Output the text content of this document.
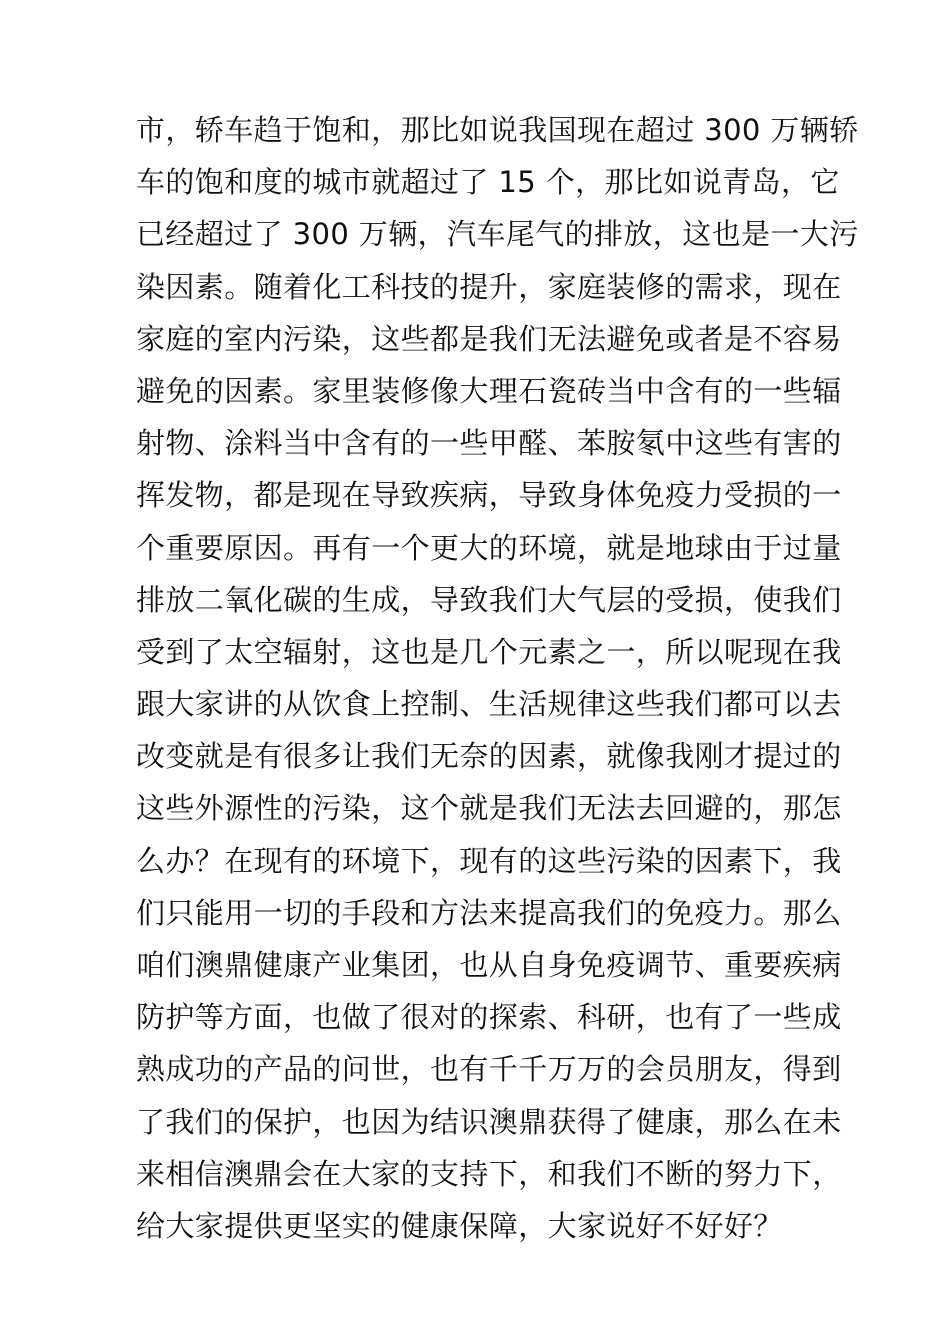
市，轿车趋于饱和，那比如说我国现在超过 300 万辆轿
车的饱和度的城市就超过了 15 个，那比如说青岛，它
已经超过了 300 万辆，汽车尾气的排放，这也是一大污
染因素。随着化工科技的提升，家庭装修的需求，现在
家庭的室内污染，这些都是我们无法避免或者是不容易
避免的因素。家里装修像大理石瓷砖当中含有的一些辐
射物、涂料当中含有的一些甲醛、苯胺氡中这些有害的
挥发物，都是现在导致疾病，导致身体免疫力受损的一
个重要原因。再有一个更大的环境，就是地球由于过量
排放二氧化碳的生成，导致我们大气层的受损，使我们
受到了太空辐射，这也是几个元素之一，所以呢现在我
跟大家讲的从饮食上控制、生活规律这些我们都可以去
改变就是有很多让我们无奈的因素，就像我刚才提过的
这些外源性的污染，这个就是我们无法去回避的，那怎
么办？在现有的环境下，现有的这些污染的因素下，我
们只能用一切的手段和方法来提高我们的免疫力。那么
咱们澳鼎健康产业集团，也从自身免疫调节、重要疾病
防护等方面，也做了很对的探索、科研，也有了一些成
熟成功的产品的问世，也有千千万万的会员朋友，得到
了我们的保护，也因为结识澳鼎获得了健康，那么在未
来相信澳鼎会在大家的支持下，和我们不断的努力下，
给大家提供更坚实的健康保障，大家说好不好好？
